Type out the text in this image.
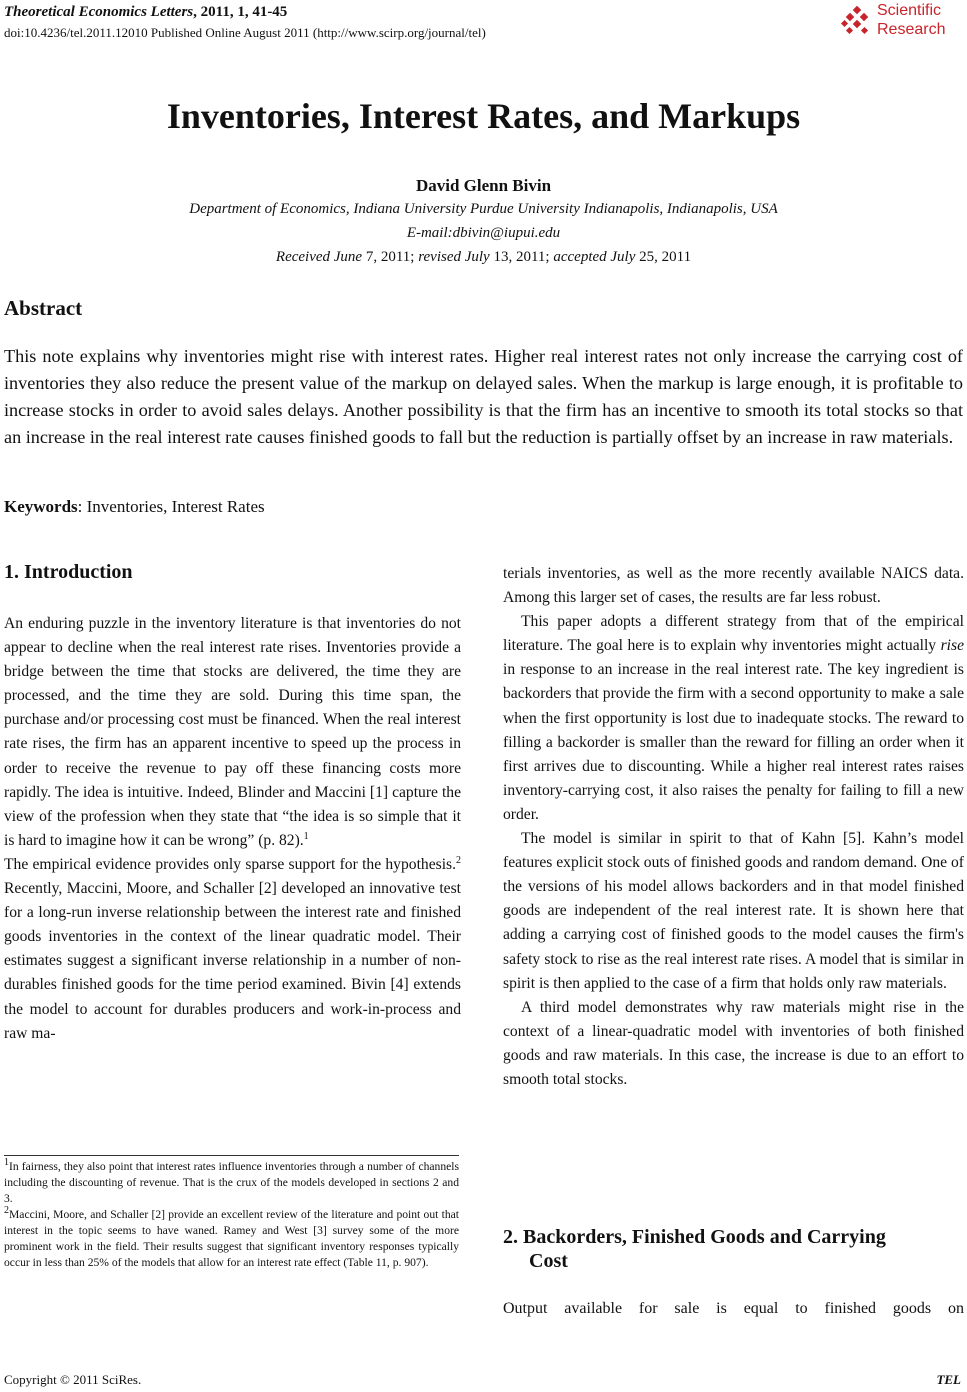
Theoretical Economics Letters, 2011, 1, 41-45
doi:10.4236/tel.2011.12010 Published Online August 2011 (http://www.scirp.org/journal/tel)
Scientific
Research
Inventories, Interest Rates, and Markups
David Glenn Bivin
Department of Economics, Indiana University Purdue University Indianapolis, Indianapolis, USA
E-mail:dbivin@iupui.edu
Received June 7, 2011; revised July 13, 2011; accepted July 25, 2011
Abstract
This note explains why inventories might rise with interest rates. Higher real interest rates not only increase the carrying cost of inventories they also reduce the present value of the markup on delayed sales. When the markup is large enough, it is profitable to increase stocks in order to avoid sales delays. Another possibility is that the firm has an incentive to smooth its total stocks so that an increase in the real interest rate causes finished goods to fall but the reduction is partially offset by an increase in raw materials.
Keywords: Inventories, Interest Rates
1. Introduction

An enduring puzzle in the inventory literature is that inventories do not appear to decline when the real interest rate rises. Inventories provide a bridge between the time that stocks are delivered, the time they are processed, and the time they are sold. During this time span, the purchase and/or processing cost must be financed. When the real interest rate rises, the firm has an apparent incentive to speed up the process in order to receive the revenue to pay off these financing costs more rapidly. The idea is intuitive. Indeed, Blinder and Maccini [1] capture the view of the profession when they state that “the idea is so simple that it is hard to imagine how it can be wrong” (p. 82).$^1$

The empirical evidence provides only sparse support for the hypothesis.$^2$ Recently, Maccini, Moore, and Schaller [2] developed an innovative test for a long-run inverse relationship between the interest rate and finished goods inventories in the context of the linear quadratic model. Their estimates suggest a significant inverse relationship in a number of non-durables finished goods for the time period examined. Bivin [4] extends the model to account for durables producers and work-in-process and raw ma-

$^1$In fairness, they also point that interest rates influence inventories through a number of channels including the discounting of revenue. That is the crux of the models developed in sections 2 and 3.

$^2$Maccini, Moore, and Schaller [2] provide an excellent review of the literature and point out that interest in the topic seems to have waned. Ramey and West [3] survey some of the more prominent work in the field. Their results suggest that significant inventory responses typically occur in less than 25% of the models that allow for an interest rate effect (Table 11, p. 907).

terials inventories, as well as the more recently available NAICS data. Among this larger set of cases, the results are far less robust.

This paper adopts a different strategy from that of the empirical literature. The goal here is to explain why inventories might actually rise in response to an increase in the real interest rate. The key ingredient is backorders that provide the firm with a second opportunity to make a sale when the first opportunity is lost due to inadequate stocks. The reward to filling a backorder is smaller than the reward for filling an order when it first arrives due to discounting. While a higher real interest rates raises inventory-carrying cost, it also raises the penalty for failing to fill a new order.

The model is similar in spirit to that of Kahn [5]. Kahn’s model features explicit stock outs of finished goods and random demand. One of the versions of his model allows backorders and in that model finished goods are independent of the real interest rate. It is shown here that adding a carrying cost of finished goods to the model causes the firm's safety stock to rise as the real interest rate rises. A model that is similar in spirit is then applied to the case of a firm that holds only raw materials.

A third model demonstrates why raw materials might rise in the context of a linear-quadratic model with inventories of both finished goods and raw materials. In this case, the increase is due to an effort to smooth total stocks.

2. Backorders, Finished Goods and Carrying
Cost
Output available for sale is equal to finished goods on
Copyright © 2011 SciRes.	TEL
